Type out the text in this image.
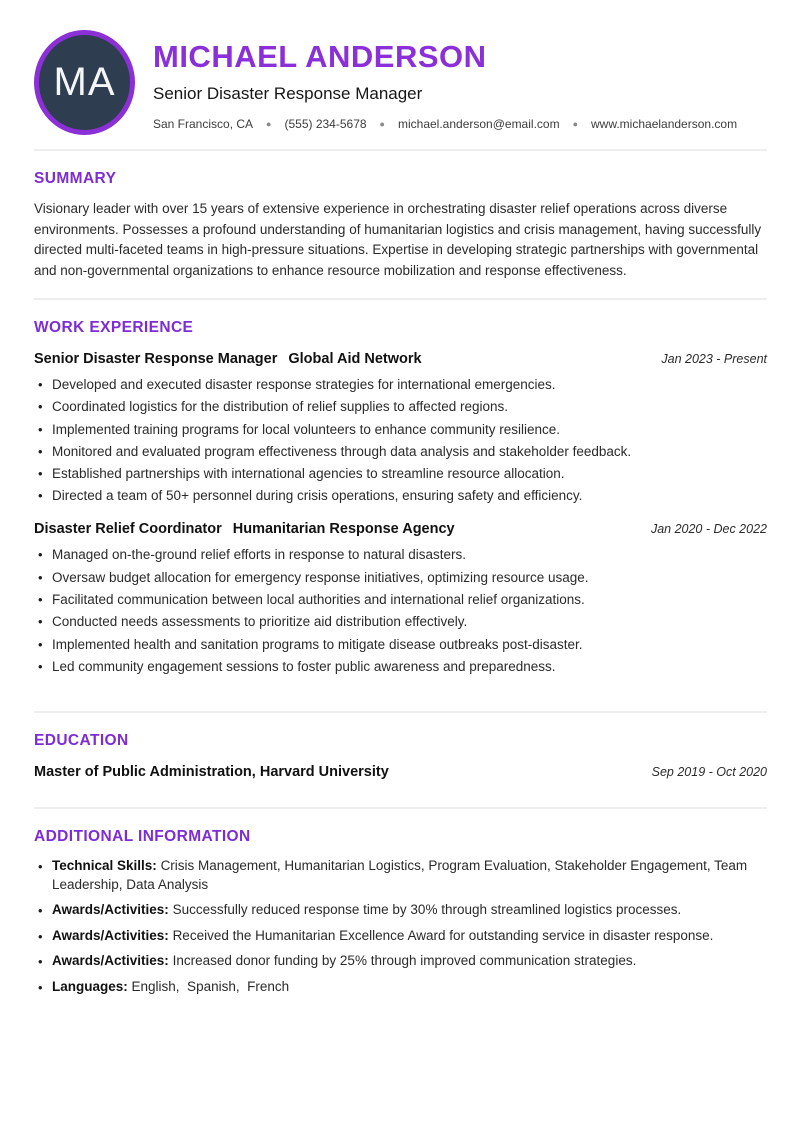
MA
MICHAEL ANDERSON
Senior Disaster Response Manager
San Francisco, CA ● (555) 234-5678 ● michael.anderson@email.com ● www.michaelanderson.com
SUMMARY

Visionary leader with over 15 years of extensive experience in orchestrating disaster relief operations across diverse environments. Possesses a profound understanding of humanitarian logistics and crisis management, having successfully directed multi-faceted teams in high-pressure situations. Expertise in developing strategic partnerships with governmental and non-governmental organizations to enhance resource mobilization and response effectiveness.

WORK EXPERIENCE
Senior Disaster Response Manager Global Aid Network	Jan 2023 - Present
• Developed and executed disaster response strategies for international emergencies.
• Coordinated logistics for the distribution of relief supplies to affected regions.
• Implemented training programs for local volunteers to enhance community resilience.
• Monitored and evaluated program effectiveness through data analysis and stakeholder feedback.
• Established partnerships with international agencies to streamline resource allocation.
• Directed a team of 50+ personnel during crisis operations, ensuring safety and efficiency.
Disaster Relief Coordinator Humanitarian Response Agency	Jan 2020 - Dec 2022
• Managed on-the-ground relief efforts in response to natural disasters.
• Oversaw budget allocation for emergency response initiatives, optimizing resource usage.
• Facilitated communication between local authorities and international relief organizations.
• Conducted needs assessments to prioritize aid distribution effectively.
• Implemented health and sanitation programs to mitigate disease outbreaks post-disaster.
• Led community engagement sessions to foster public awareness and preparedness.
EDUCATION
Master of Public Administration, Harvard University	Sep 2019 - Oct 2020
ADDITIONAL INFORMATION
• Technical Skills: Crisis Management, Humanitarian Logistics, Program Evaluation, Stakeholder Engagement, Team Leadership, Data Analysis
• Awards/Activities: Successfully reduced response time by 30% through streamlined logistics processes.
• Awards/Activities: Received the Humanitarian Excellence Award for outstanding service in disaster response.
• Awards/Activities: Increased donor funding by 25% through improved communication strategies.
• Languages: English,  Spanish,  French
